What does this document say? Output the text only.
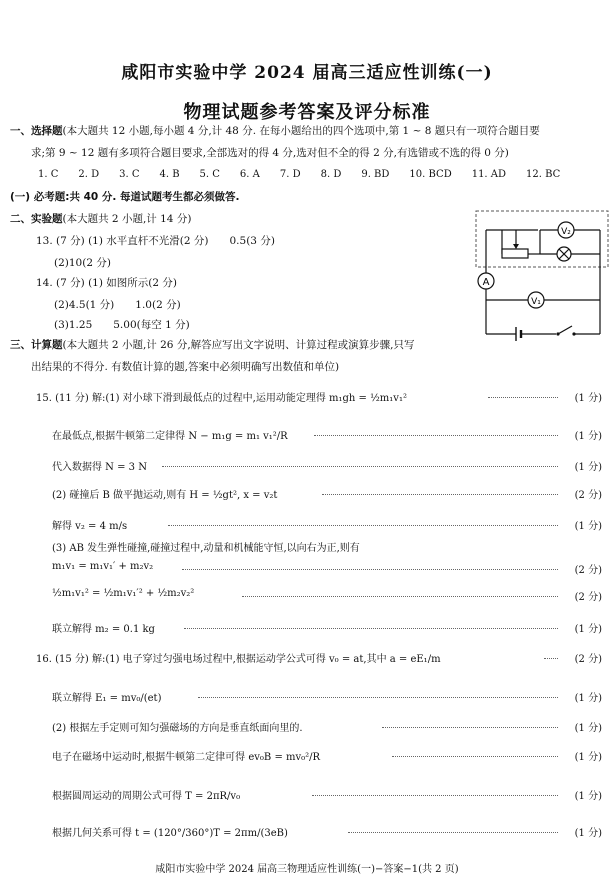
咸阳市实验中学 2024 届高三适应性训练(一)
物理试题参考答案及评分标准
一、选择题(本大题共 12 小题,每小题 4 分,计 48 分. 在每小题给出的四个选项中,第 1 ~ 8 题只有一项符合题目要
求;第 9 ~ 12 题有多项符合题目要求,全部选对的得 4 分,选对但不全的得 2 分,有选错或不选的得 0 分)
1. C　　2. D　　3. C　　4. B　　5. C　　6. A　　7. D　　8. D　　9. BD　　10. BCD　　11. AD　　12. BC
(一) 必考题:共 40 分. 每道试题考生都必须做答.
二、实验题(本大题共 2 小题,计 14 分)
13. (7 分) (1) 水平直杆不光滑(2 分)　　0.5(3 分)
(2)10(2 分)
14. (7 分) (1) 如图所示(2 分)
(2)4.5(1 分)　　1.0(2 分)
(3)1.25　　5.00(每空 1 分)
V₂
A
V₁
三、计算题(本大题共 2 小题,计 26 分,解答应写出文字说明、计算过程或演算步骤,只写
出结果的不得分. 有数值计算的题,答案中必须明确写出数值和单位)
15. (11 分) 解:(1) 对小球下滑到最低点的过程中,运用动能定理得 m₁gh = ½m₁v₁²	(1 分)
在最低点,根据牛顿第二定律得 N − m₁g = m₁ v₁²/R	(1 分)
代入数据得 N = 3 N	(1 分)
(2) 碰撞后 B 做平抛运动,则有 H = ½gt², x = v₂t	(2 分)
解得 v₂ = 4 m/s	(1 分)
(3) AB 发生弹性碰撞,碰撞过程中,动量和机械能守恒,以向右为正,则有
m₁v₁ = m₁v₁′ + m₂v₂	(2 分)
½m₁v₁² = ½m₁v₁′² + ½m₂v₂²	(2 分)
联立解得 m₂ = 0.1 kg	(1 分)
16. (15 分) 解:(1) 电子穿过匀强电场过程中,根据运动学公式可得 v₀ = at,其中 a = eE₁/m	(2 分)
联立解得 E₁ = mv₀/(et)	(1 分)
(2) 根据左手定则可知匀强磁场的方向是垂直纸面向里的.	(1 分)
电子在磁场中运动时,根据牛顿第二定律可得 ev₀B = mv₀²/R	(1 分)
根据圆周运动的周期公式可得 T = 2πR/v₀	(1 分)
根据几何关系可得 t = (120°/360°)T = 2πm/(3eB)	(1 分)
咸阳市实验中学 2024 届高三物理适应性训练(一)−答案−1(共 2 页)
